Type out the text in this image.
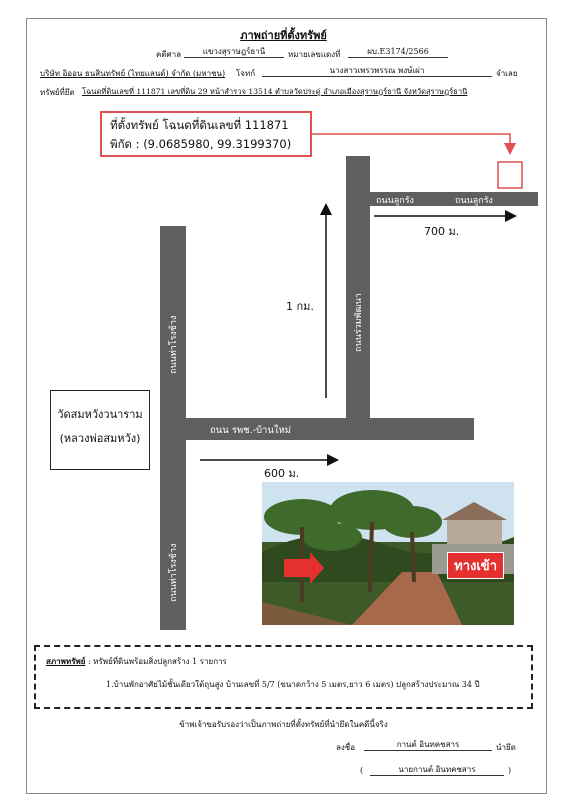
ภาพถ่ายที่ตั้งทรัพย์
คดีศาล	แขวงสุราษฎร์ธานี	หมายเลขแดงที่	ผบ.E3174/2566
บริษัท อิออน ธนสินทรัพย์ (ไทยแลนด์) จำกัด (มหาชน) โจทก์	นางสาวเพรวพรรณ พงษ์เผ่า	จำเลย
ทรัพย์ที่ยึด โฉนดที่ดินเลขที่ 111871 เลขที่ดิน 29 หน้าสำรวจ 13514 ตำบลวัดประดู่ อำเภอเมืองสุราษฎร์ธานี จังหวัดสุราษฎร์ธานี
ที่ตั้งทรัพย์ โฉนดที่ดินเลขที่ 111871
พิกัด : (9.0685980, 99.3199370)
ถนนลูกรัง	ถนนลูกรัง
ถนนร่วมพัฒนา
ถนนท่าโรงช้าง
ถนนท่าโรงช้าง
ถนน รพช.-บ้านใหม่
700 ม.
1 กม.
600 ม.
วัดสมหวังวนาราม
(หลวงพ่อสมหวัง)
ทางเข้า
สภาพทรัพย์ : ทรัพย์ที่ดินพร้อมสิ่งปลูกสร้าง 1 รายการ
1.บ้านพักอาศัยไม้ชั้นเดียวใต้ถุนสูง บ้านเลขที่ 5/7 (ขนาดกว้าง 5 เมตร,ยาว 6 เมตร) ปลูกสร้างประมาณ 34 ปี
ข้าพเจ้าขอรับรองว่าเป็นภาพถ่ายที่ตั้งทรัพย์ที่นำยึดในคดีนี้จริง
ลงชื่อ	กานต์ อินทคชสาร	นำยึด
(	นายกานต์ อินทคชสาร	)
